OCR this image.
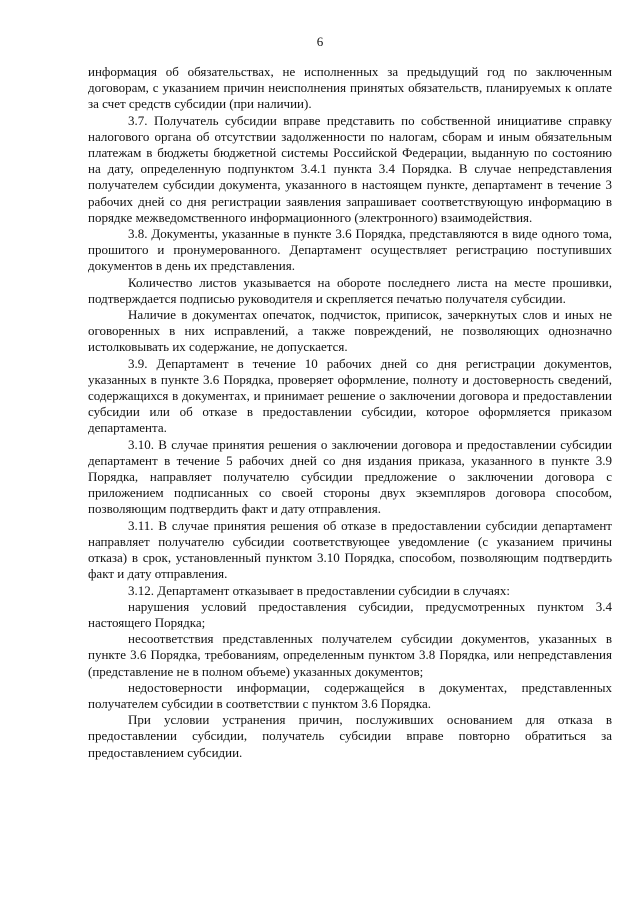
6

информация об обязательствах, не исполненных за предыдущий год по заключенным договорам, с указанием причин неисполнения принятых обязательств, планируемых к оплате за счет средств субсидии (при наличии).

3.7. Получатель субсидии вправе представить по собственной инициативе справку налогового органа об отсутствии задолженности по налогам, сборам и иным обязательным платежам в бюджеты бюджетной системы Российской Федерации, выданную по состоянию на дату, определенную подпунктом 3.4.1 пункта 3.4 Порядка. В случае непредставления получателем субсидии документа, указанного в настоящем пункте, департамент в течение 3 рабочих дней со дня регистрации заявления запрашивает соответствующую информацию в порядке межведомственного информационного (электронного) взаимодействия.

3.8. Документы, указанные в пункте 3.6 Порядка, представляются в виде одного тома, прошитого и пронумерованного. Департамент осуществляет регистрацию поступивших документов в день их представления.

Количество листов указывается на обороте последнего листа на месте прошивки, подтверждается подписью руководителя и скрепляется печатью получателя субсидии.

Наличие в документах опечаток, подчисток, приписок, зачеркнутых слов и иных не оговоренных в них исправлений, а также повреждений, не позволяющих однозначно истолковывать их содержание, не допускается.

3.9. Департамент в течение 10 рабочих дней со дня регистрации документов, указанных в пункте 3.6 Порядка, проверяет оформление, полноту и достоверность сведений, содержащихся в документах, и принимает решение о заключении договора и предоставлении субсидии или об отказе в предоставлении субсидии, которое оформляется приказом департамента.

3.10. В случае принятия решения о заключении договора и предоставлении субсидии департамент в течение 5 рабочих дней со дня издания приказа, указанного в пункте 3.9 Порядка, направляет получателю субсидии предложение о заключении договора с приложением подписанных со своей стороны двух экземпляров договора способом, позволяющим подтвердить факт и дату отправления.

3.11. В случае принятия решения об отказе в предоставлении субсидии департамент направляет получателю субсидии соответствующее уведомление (с указанием причины отказа) в срок, установленный пунктом 3.10 Порядка, способом, позволяющим подтвердить факт и дату отправления.

3.12. Департамент отказывает в предоставлении субсидии в случаях:

нарушения условий предоставления субсидии, предусмотренных пунктом 3.4 настоящего Порядка;

несоответствия представленных получателем субсидии документов, указанных в пункте 3.6 Порядка, требованиям, определенным пунктом 3.8 Порядка, или непредставления (представление не в полном объеме) указанных документов;

недостоверности информации, содержащейся в документах, представленных получателем субсидии в соответствии с пунктом 3.6 Порядка.

При условии устранения причин, послуживших основанием для отказа в предоставлении субсидии, получатель субсидии вправе повторно обратиться за предоставлением субсидии.
